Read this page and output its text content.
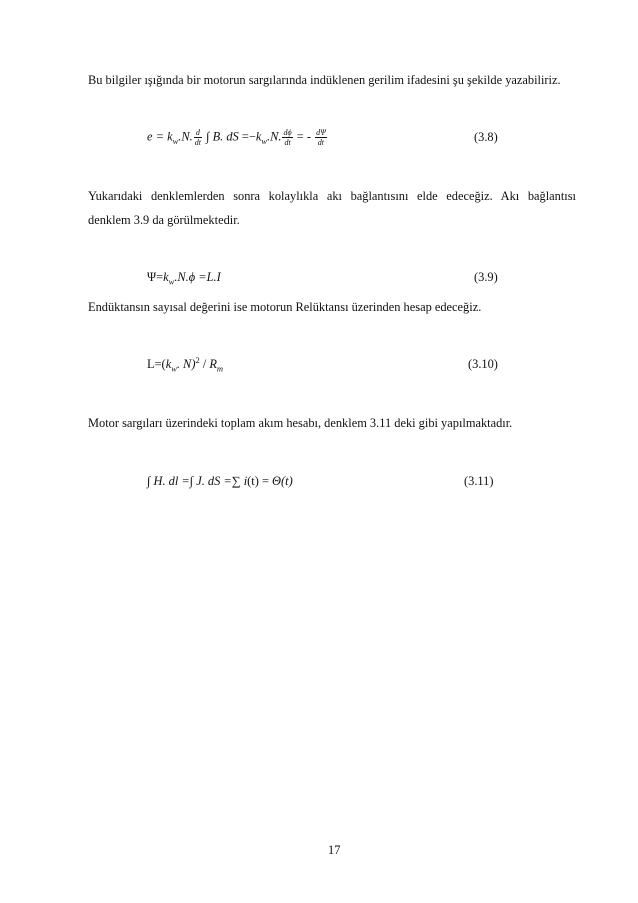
Bu bilgiler ışığında bir motorun sargılarında indüklenen gerilim ifadesini şu şekilde yazabiliriz.
$e = k_w.N$. $\frac{d}{dt}$ ∫ B. dS $=-k_w.N$. $\frac{d\phi}{dt}$ = - $\frac{d\Psi}{dt}$	(3.8)
Yukarıdaki denklemlerden sonra kolaylıkla akı bağlantısını elde edeceğiz. Akı bağlantısı
denklem 3.9 da görülmektedir.
$\Psi=k_w.N.\phi =L.I$	(3.9)
Endüktansın sayısal değerini ise motorun Relüktansı üzerinden hesap edeceğiz.
$L=(k_w$. $N)^2 / R_m$	(3.10)
Motor sargıları üzerindeki toplam akım hesabı, denklem 3.11 deki gibi yapılmaktadır.
∫ H. dl =∫ J. dS =∑ i(t) = Θ(t)	(3.11)
17
